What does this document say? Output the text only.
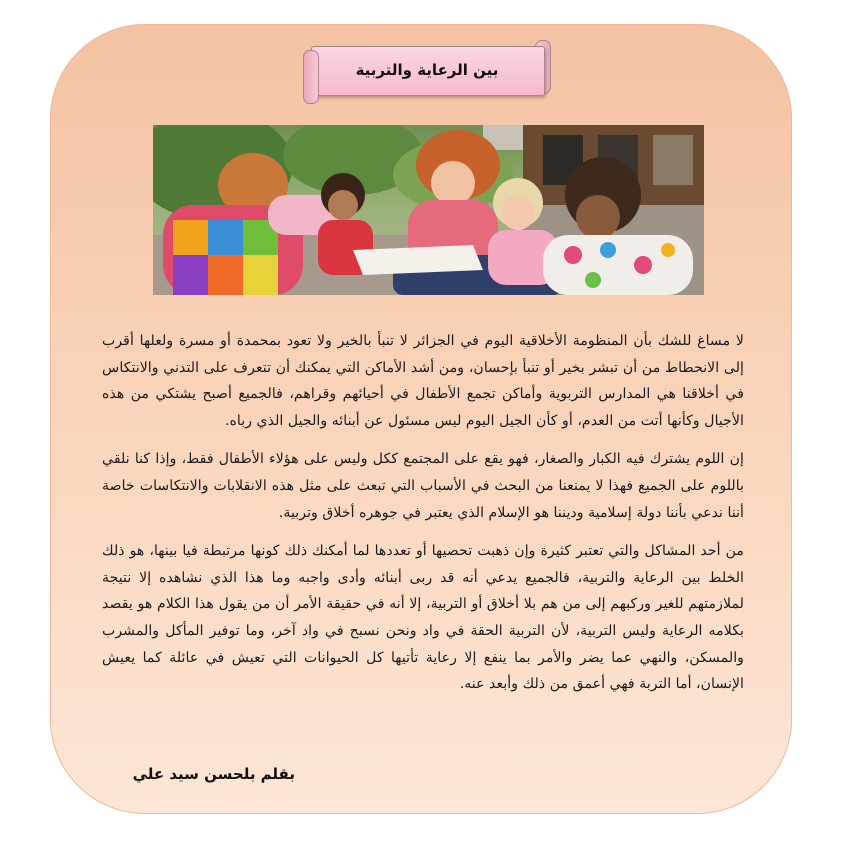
بين الرعاية والتربية

لا مساغ للشك بأن المنظومة الأخلاقية اليوم في الجزائر لا تنبأ بالخير ولا تعود بمحمدة أو مسرة ولعلها أقرب إلى الانحطاط من أن تبشر بخير أو تنبأ بإحسان، ومن أشد الأماكن التي يمكنك أن تتعرف على التدني والانتكاس في أخلاقنا هي المدارس التربوية وأماكن تجمع الأطفال في أحيائهم وقراهم، فالجميع أصبح يشتكي من هذه الأجيال وكأنها أتت من العدم، أو كأن الجيل اليوم ليس مسئول عن أبنائه والجيل الذي رباه.

إن اللوم يشترك فيه الكبار والصغار، فهو يقع على المجتمع ككل وليس على هؤلاء الأطفال فقط، وإذا كنا نلقي باللوم على الجميع فهذا لا يمنعنا من البحث في الأسباب التي تبعث على مثل هذه الانقلابات والانتكاسات خاصة أننا ندعي بأننا دولة إسلامية وديننا هو الإسلام الذي يعتبر في جوهره أخلاق وتربية.

من أحد المشاكل والتي تعتبر كثيرة وإن ذهبت تحصيها أو تعددها لما أمكنك ذلك كونها مرتبطة فيا بينها، هو ذلك الخلط بين الرعاية والتربية، فالجميع يدعي أنه قد ربى أبنائه وأدى واجبه وما هذا الذي نشاهده إلا نتيجة لملازمتهم للغير وركبهم إلى من هم بلا أخلاق أو التربية، إلا أنه في حقيقة الأمر أن من يقول هذا الكلام هو يقصد بكلامه الرعاية وليس التربية، لأن التربية الحقة في واد ونحن نسبح في واد آخر، وما توفير المأكل والمشرب والمسكن، والنهي عما يضر والأمر بما ينفع إلا رعاية تأتيها كل الحيوانات التي تعيش في عائلة كما يعيش الإنسان، أما التربة فهي أعمق من ذلك وأبعد عنه.

بقلم بلحسن سيد علي
